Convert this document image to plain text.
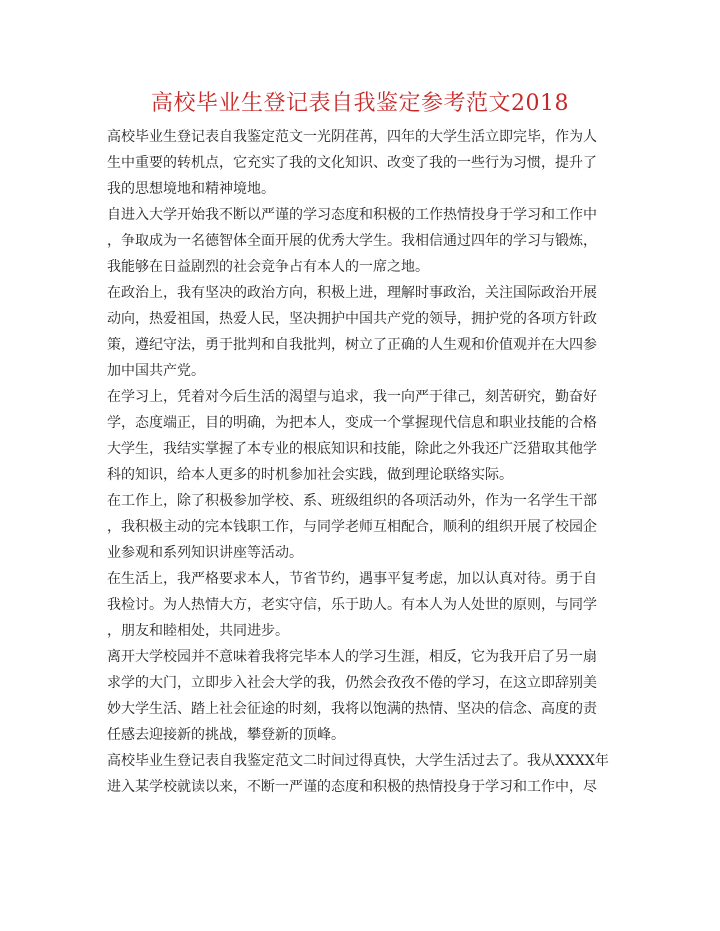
高校毕业生登记表自我鉴定参考范文2018
高校毕业生登记表自我鉴定范文一光阴荏苒，四年的大学生活立即完毕，作为人
生中重要的转机点，它充实了我的文化知识、改变了我的一些行为习惯，提升了
我的思想境地和精神境地。
自进入大学开始我不断以严谨的学习态度和积极的工作热情投身于学习和工作中
，争取成为一名德智体全面开展的优秀大学生。我相信通过四年的学习与锻炼，
我能够在日益剧烈的社会竞争占有本人的一席之地。
在政治上，我有坚决的政治方向，积极上进，理解时事政治，关注国际政治开展
动向，热爱祖国，热爱人民，坚决拥护中国共产党的领导，拥护党的各项方针政
策，遵纪守法，勇于批判和自我批判，树立了正确的人生观和价值观并在大四参
加中国共产党。
在学习上，凭着对今后生活的渴望与追求，我一向严于律己，刻苦研究，勤奋好
学，态度端正，目的明确，为把本人，变成一个掌握现代信息和职业技能的合格
大学生，我结实掌握了本专业的根底知识和技能，除此之外我还广泛猎取其他学
科的知识，给本人更多的时机参加社会实践，做到理论联络实际。
在工作上，除了积极参加学校、系、班级组织的各项活动外，作为一名学生干部
，我积极主动的完本钱职工作，与同学老师互相配合，顺利的组织开展了校园企
业参观和系列知识讲座等活动。
在生活上，我严格要求本人，节省节约，遇事平复考虑，加以认真对待。勇于自
我检讨。为人热情大方，老实守信，乐于助人。有本人为人处世的原则，与同学
，朋友和睦相处，共同进步。
离开大学校园并不意味着我将完毕本人的学习生涯，相反，它为我开启了另一扇
求学的大门，立即步入社会大学的我，仍然会孜孜不倦的学习，在这立即辞别美
妙大学生活、踏上社会征途的时刻，我将以饱满的热情、坚决的信念、高度的责
任感去迎接新的挑战，攀登新的顶峰。
高校毕业生登记表自我鉴定范文二时间过得真快，大学生活过去了。我从XXXX年
进入某学校就读以来，不断一严谨的态度和积极的热情投身于学习和工作中，尽
